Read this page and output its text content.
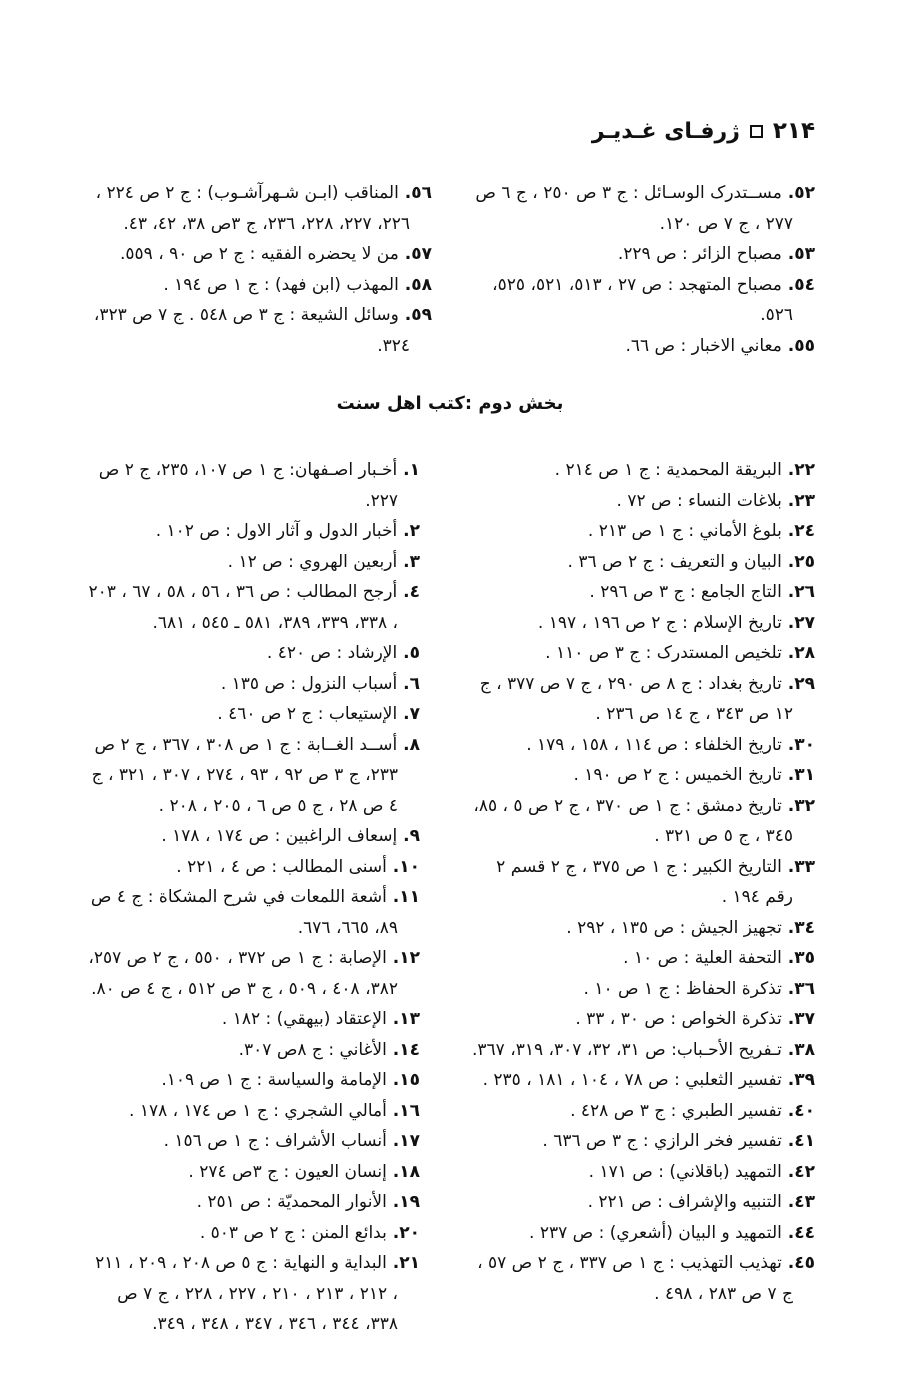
٢١۴
ژرفـاى غـديـر
٥٦. المناقب (ابـن شـهرآشـوب) : ج ٢ ص ٢٢٤ ، ٢٢٦، ٢٢٧، ٢٢٨، ٢٣٦، ج ٣ص ٣٨، ٤٢، ٤٣.
٥٧. من لا يحضره الفقيه : ج ٢ ص ٩٠ ، ٥٥٩.
٥٨. المهذب (ابن فهد) : ج ١ ص ١٩٤ .
٥٩. وسائل الشيعة : ج ٣ ص ٥٤٨ . ج ٧ ص ٣٢٣، ٣٢٤.
٥٢. مســتدرک الوسـائل : ج ٣ ص ٢٥٠ ، ج ٦ ص ٢٧٧ ، ج ٧ ص ١٢٠.
٥٣. مصباح الزائر : ص ٢٢٩.
٥٤. مصباح المتهجد : ص ٢٧ ، ٥١٣، ٥٢١، ٥٢٥، ٥٢٦.
٥٥. معاني الاخبار : ص ٦٦.
بخش دوم :کتب اهل سنت
١. أخـبار اصـفهان: ج ١ ص ١٠٧، ٢٣٥، ج ٢ ص ٢٢٧.
٢. أخبار الدول و آثار الاول : ص ١٠٢ .
٣. أربعين الهروي : ص ١٢ .
٤. أرجح المطالب : ص ٣٦ ، ٥٦ ، ٥٨ ، ٦٧ ، ٢٠٣ ، ٣٣٨، ٣٣٩، ٣٨٩، ٥٨١ ـ ٥٤٥ ، ٦٨١.
٥. الإرشاد : ص ٤٢٠ .
٦. أسباب النزول : ص ١٣٥ .
٧. الإستيعاب : ج ٢ ص ٤٦٠ .
٨. أســد الغــابة : ج ١ ص ٣٠٨ ، ٣٦٧ ، ج ٢ ص ٢٣٣، ج ٣ ص ٩٢ ، ٩٣ ، ٢٧٤ ، ٣٠٧ ، ٣٢١ ، ج ٤ ص ٢٨ ، ج ٥ ص ٦ ، ٢٠٥ ، ٢٠٨ .
٩. إسعاف الراغبين : ص ١٧٤ ، ١٧٨ .
١٠. أسنى المطالب : ص ٤ ، ٢٢١ .
١١. أشعة اللمعات في شرح المشكاة : ج ٤ ص ٨٩، ٦٦٥، ٦٧٦.
١٢. الإصابة : ج ١ ص ٣٧٢ ، ٥٥٠ ، ج ٢ ص ٢٥٧، ٣٨٢، ٤٠٨ ، ٥٠٩ ، ج ٣ ص ٥١٢ ، ج ٤ ص ٨٠.
١٣. الإعتقاد (بيهقي) : ١٨٢ .
١٤. الأغاني : ج ٨ص ٣٠٧.
١٥. الإمامة والسياسة : ج ١ ص ١٠٩.
١٦. أمالي الشجري : ج ١ ص ١٧٤ ، ١٧٨ .
١٧. أنساب الأشراف : ج ١ ص ١٥٦ .
١٨. إنسان العيون : ج ٣ص ٢٧٤ .
١٩. الأنوار المحمديّة : ص ٢٥١ .
٢٠. بدائع المنن : ج ٢ ص ٥٠٣ .
٢١. البداية و النهاية : ج ٥ ص ٢٠٨ ، ٢٠٩ ، ٢١١ ، ٢١٢ ، ٢١٣ ، ٢١٠ ، ٢٢٧ ، ٢٢٨ ، ج ٧ ص ٣٣٨، ٣٤٤ ، ٣٤٦ ، ٣٤٧ ، ٣٤٨ ، ٣٤٩.
٢٢. البريقة المحمدية : ج ١ ص ٢١٤ .
٢٣. بلاغات النساء : ص ٧٢ .
٢٤. بلوغ الأماني : ج ١ ص ٢١٣ .
٢٥. البيان و التعريف : ج ٢ ص ٣٦ .
٢٦. التاج الجامع : ج ٣ ص ٢٩٦ .
٢٧. تاريخ الإسلام : ج ٢ ص ١٩٦ ، ١٩٧ .
٢٨. تلخيص المستدرک : ج ٣ ص ١١٠ .
٢٩. تاريخ بغداد : ج ٨ ص ٢٩٠ ، ج ٧ ص ٣٧٧ ، ج ١٢ ص ٣٤٣ ، ج ١٤ ص ٢٣٦ .
٣٠. تاريخ الخلفاء : ص ١١٤ ، ١٥٨ ، ١٧٩ .
٣١. تاريخ الخميس : ج ٢ ص ١٩٠ .
٣٢. تاريخ دمشق : ج ١ ص ٣٧٠ ، ج ٢ ص ٥ ، ٨٥، ٣٤٥ ، ج ٥ ص ٣٢١ .
٣٣. التاريخ الكبير : ج ١ ص ٣٧٥ ، ج ٢ قسم ٢ رقم ١٩٤ .
٣٤. تجهيز الجيش : ص ١٣٥ ، ٢٩٢ .
٣٥. التحفة العلية : ص ١٠ .
٣٦. تذكرة الحفاظ : ج ١ ص ١٠ .
٣٧. تذكرة الخواص : ص ٣٠ ، ٣٣ .
٣٨. تـفريح الأحـباب: ص ٣١، ٣٢، ٣٠٧، ٣١٩، ٣٦٧.
٣٩. تفسير الثعلبي : ص ٧٨ ، ١٠٤ ، ١٨١ ، ٢٣٥ .
٤٠. تفسير الطبري : ج ٣ ص ٤٢٨ .
٤١. تفسير فخر الرازي : ج ٣ ص ٦٣٦ .
٤٢. التمهيد (باقلاني) : ص ١٧١ .
٤٣. التنبيه والإشراف : ص ٢٢١ .
٤٤. التمهيد و البيان (أشعري) : ص ٢٣٧ .
٤٥. تهذيب التهذيب : ج ١ ص ٣٣٧ ، ج ٢ ص ٥٧ ، ج ٧ ص ٢٨٣ ، ٤٩٨ .
